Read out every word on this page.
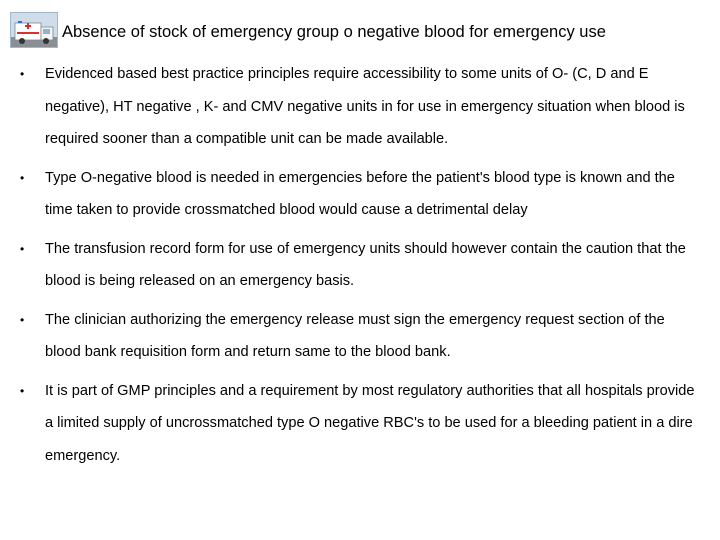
Absence of stock of emergency group o negative blood for emergency use
• Evidenced based best practice principles require accessibility to some units of O- (C, D and E negative), HT negative , K- and CMV negative units in for use in emergency situation when blood is required sooner than a compatible unit can be made available.
• Type O-negative blood is needed in emergencies before the patient's blood type is known and the time taken to provide crossmatched blood would cause a detrimental delay
• The transfusion record form for use of emergency units should however contain the caution that the blood is being released on an emergency basis.
• The clinician authorizing the emergency release must sign the emergency request section of the blood bank requisition form and return same to the blood bank.
• It is part of GMP principles and a requirement by most regulatory authorities that all hospitals provide a limited supply of uncrossmatched type O negative RBC's to be used for a bleeding patient in a dire emergency.
